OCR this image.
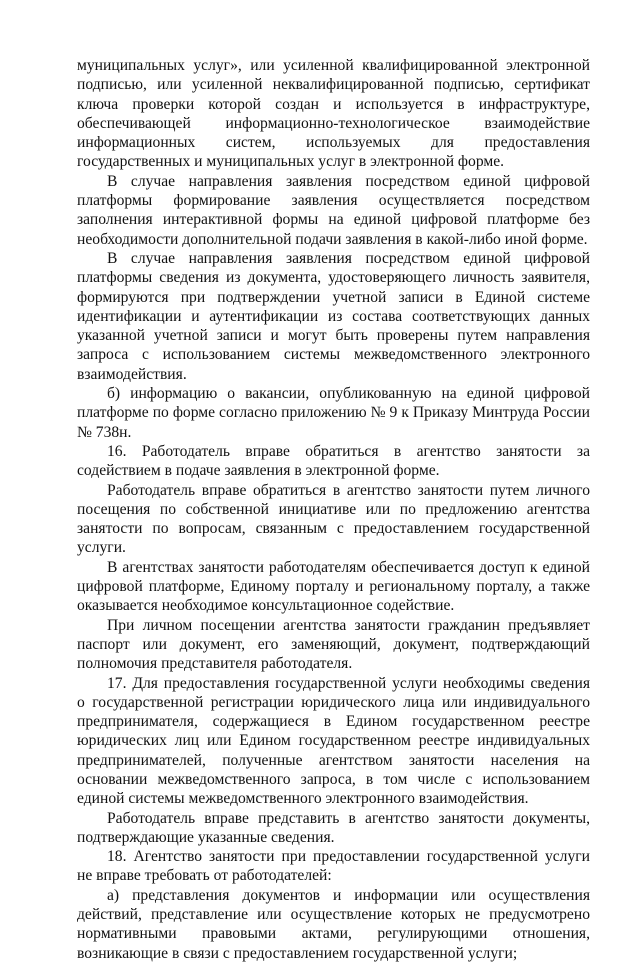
муниципальных услуг», или усиленной квалифицированной электронной подписью, или усиленной неквалифицированной подписью, сертификат ключа проверки которой создан и используется в инфраструктуре, обеспечивающей информационно-технологическое взаимодействие информационных систем, используемых для предоставления государственных и муниципальных услуг в электронной форме.

В случае направления заявления посредством единой цифровой платформы формирование заявления осуществляется посредством заполнения интерактивной формы на единой цифровой платформе без необходимости дополнительной подачи заявления в какой-либо иной форме.

В случае направления заявления посредством единой цифровой платформы сведения из документа, удостоверяющего личность заявителя, формируются при подтверждении учетной записи в Единой системе идентификации и аутентификации из состава соответствующих данных указанной учетной записи и могут быть проверены путем направления запроса с использованием системы межведомственного электронного взаимодействия.

б) информацию о вакансии, опубликованную на единой цифровой платформе по форме согласно приложению № 9 к Приказу Минтруда России № 738н.

16. Работодатель вправе обратиться в агентство занятости за содействием в подаче заявления в электронной форме.

Работодатель вправе обратиться в агентство занятости путем личного посещения по собственной инициативе или по предложению агентства занятости по вопросам, связанным с предоставлением государственной услуги.

В агентствах занятости работодателям обеспечивается доступ к единой цифровой платформе, Единому порталу и региональному порталу, а также оказывается необходимое консультационное содействие.

При личном посещении агентства занятости гражданин предъявляет паспорт или документ, его заменяющий, документ, подтверждающий полномочия представителя работодателя.

17. Для предоставления государственной услуги необходимы сведения о государственной регистрации юридического лица или индивидуального предпринимателя, содержащиеся в Едином государственном реестре юридических лиц или Едином государственном реестре индивидуальных предпринимателей, полученные агентством занятости населения на основании межведомственного запроса, в том числе с использованием единой системы межведомственного электронного взаимодействия.

Работодатель вправе представить в агентство занятости документы, подтверждающие указанные сведения.

18. Агентство занятости при предоставлении государственной услуги не вправе требовать от работодателей:

а) представления документов и информации или осуществления действий, представление или осуществление которых не предусмотрено нормативными правовыми актами, регулирующими отношения, возникающие в связи с предоставлением государственной услуги;
